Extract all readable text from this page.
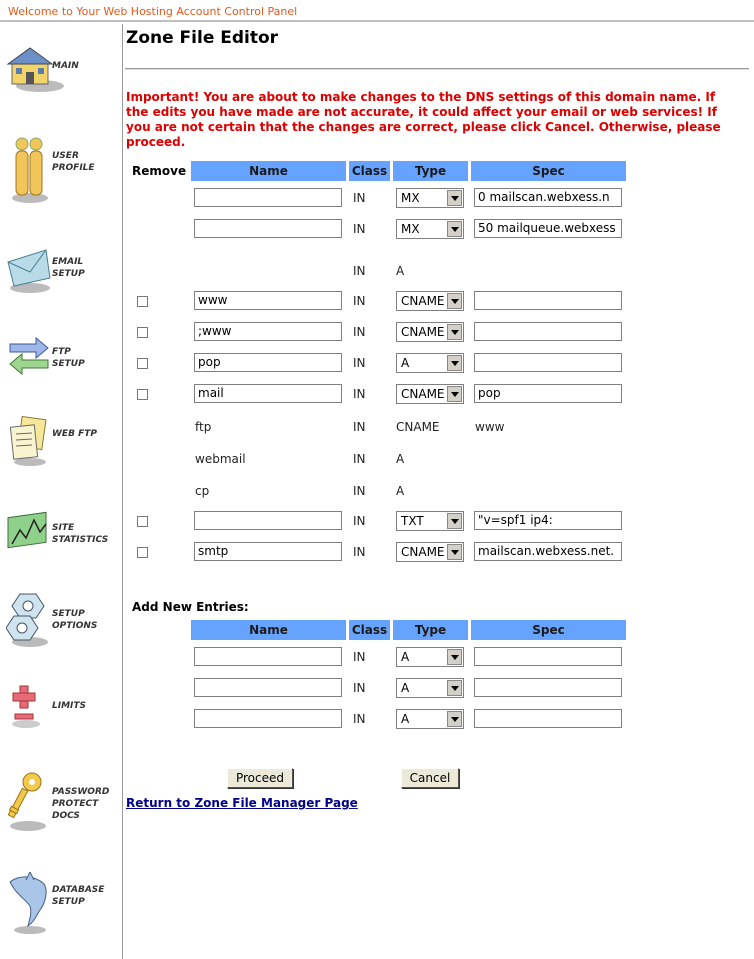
Welcome to Your Web Hosting Account Control Panel
MAIN
USER
PROFILE
EMAIL
SETUP
FTP
SETUP
WEB FTP
SITE
STATISTICS
SETUP
OPTIONS
LIMITS
PASSWORD
PROTECT
DOCS
DATABASE
SETUP
Zone File Editor
Important! You are about to make changes to the DNS settings of this domain name. If the edits you have made are not accurate, it could affect your email or web services! If you are not certain that the changes are correct, please click Cancel. Otherwise, please proceed.
Remove	Name	Class	Type	Spec
IN	MX	0 mailscan.webxess.n
IN	MX	50 mailqueue.webxess
IN	A
www	IN	CNAME
;www	IN	CNAME
pop	IN	A
mail	IN	CNAME	pop
ftp	IN	CNAME	www
webmail	IN	A
cp	IN	A
IN	TXT	"v=spf1 ip4:
smtp	IN	CNAME	mailscan.webxess.net.
Add New Entries:
Name	Class	Type	Spec
IN	A
IN	A
IN	A
Proceed	Cancel
Return to Zone File Manager Page
